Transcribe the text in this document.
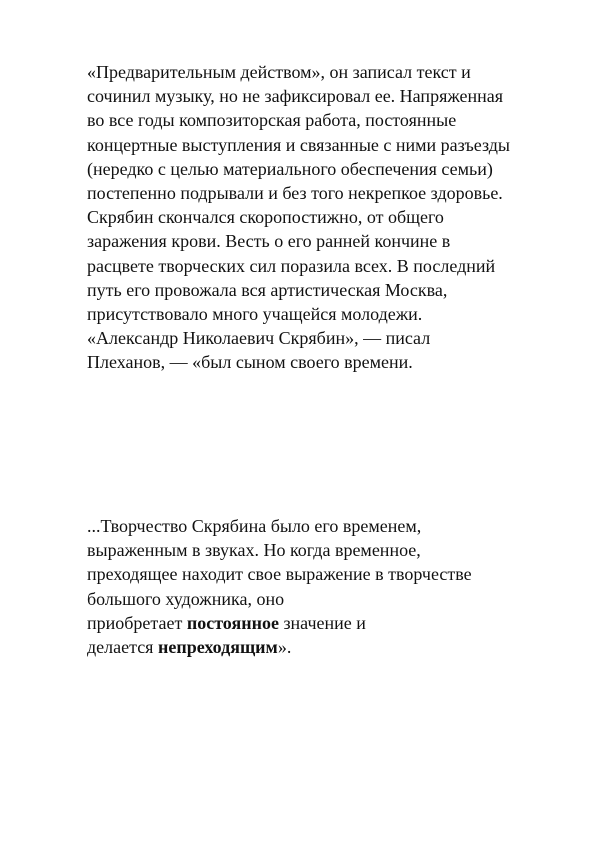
«Предварительным действом», он записал текст и
сочинил музыку, но не зафиксировал ее. Напряженная
во все годы композиторская работа, постоянные
концертные выступления и связанные с ними разъезды
(нередко с целью материального обеспечения семьи)
постепенно подрывали и без того некрепкое здоровье.
Скрябин скончался скоропостижно, от общего
заражения крови. Весть о его ранней кончине в
расцвете творческих сил поразила всех. В последний
путь его провожала вся артистическая Москва,
присутствовало много учащейся молодежи.
«Александр Николаевич Скрябин», — писал
Плеханов, — «был сыном своего времени.

...Творчество Скрябина было его временем,
выраженным в звуках. Но когда временное,
преходящее находит свое выражение в творчестве
большого художника, оно
приобретает постоянное значение и
делается непреходящим».
